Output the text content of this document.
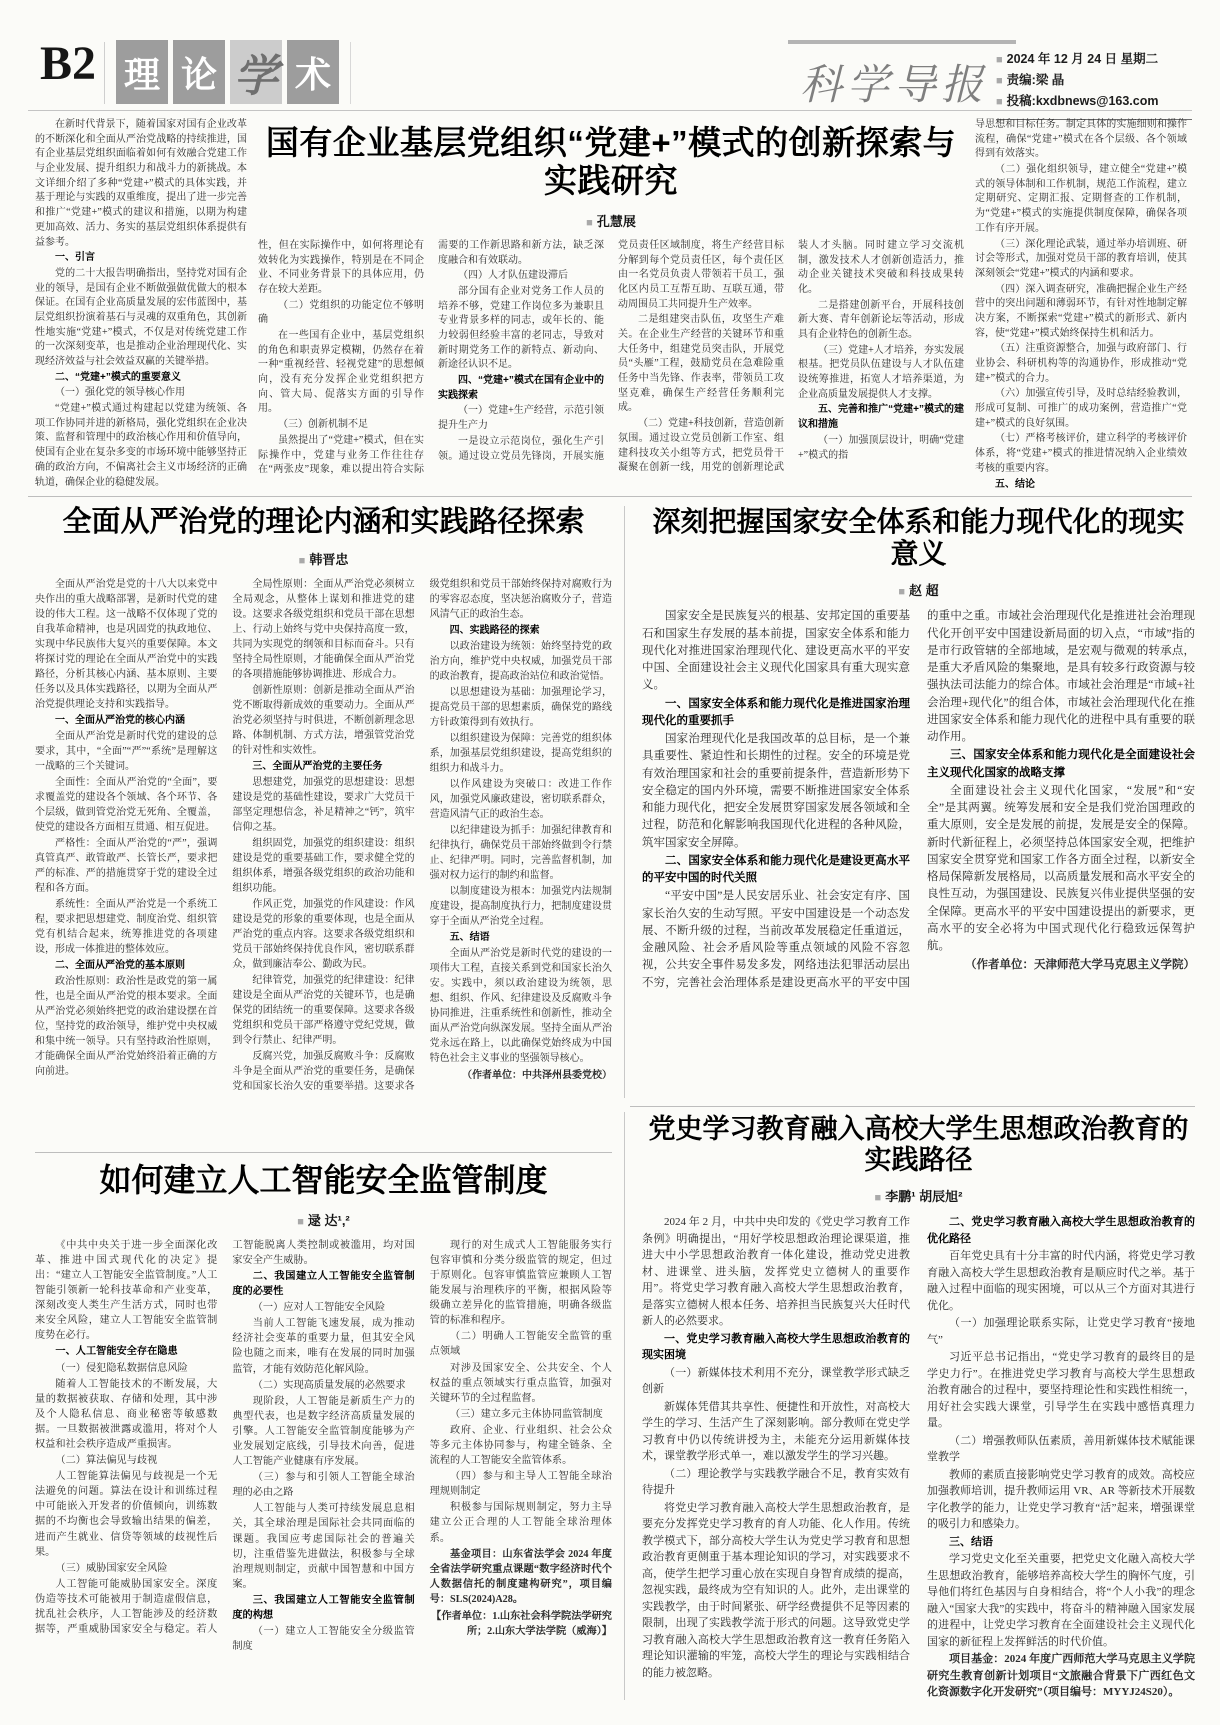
B2 理 论 学 术	科学导报 ■ 2024 年 12 月 24 日 星期二
■ 责编:梁 晶
■ 投稿:kxdbnews@163.com
在新时代背景下，随着国家对国有企业改革的不断深化和全面从严治党战略的持续推进，国有企业基层党组织面临着如何有效融合党建工作与企业发展、提升组织力和战斗力的新挑战。本文详细介绍了多种“党建+”模式的具体实践，并基于理论与实践的双重维度，提出了进一步完善和推广“党建+”模式的建议和措施，以期为构建更加高效、活力、务实的基层党组织体系提供有益参考。
一、引言
党的二十大报告明确指出，坚持党对国有企业的领导，是国有企业不断做强做优做大的根本保证。在国有企业高质量发展的宏伟蓝图中，基层党组织扮演着基石与灵魂的双重角色，其创新性地实施“党建+”模式，不仅是对传统党建工作的一次深刻变革，也是推动企业治理现代化、实现经济效益与社会效益双赢的关键举措。
二、“党建+”模式的重要意义
（一）强化党的领导核心作用
“党建+”模式通过构建起以党建为统领、各项工作协同并进的新格局，强化党组织在企业决策、监督和管理中的政治核心作用和价值导向，使国有企业在复杂多变的市场环境中能够坚持正确的政治方向，不偏离社会主义市场经济的正确轨道，确保企业的稳健发展。
国有企业基层党组织“党建+”模式的创新探索与实践研究
■ 孔慧展
性，但在实际操作中，如何将理论有效转化为实践操作，特别是在不同企业、不同业务背景下的具体应用，仍存在较大差距。
（二）党组织的功能定位不够明确
在一些国有企业中，基层党组织的角色和职责界定模糊，仍然存在着一种“重视经营、轻视党建”的思想倾向，没有充分发挥企业党组织把方向、管大局、促落实方面的引导作用。
（三）创新机制不足
虽然提出了“党建+”模式，但在实际操作中，党建与业务工作往往存在“两张皮”现象，难以提出符合实际需要的工作新思路和新方法，缺乏深度融合和有效联动。
（四）人才队伍建设滞后
部分国有企业对党务工作人员的培养不够，党建工作岗位多为兼职且专业背景多样的同志，或年长的、能力较弱但经验丰富的老同志，导致对新时期党务工作的新特点、新动向、新途径认识不足。
四、“党建+”模式在国有企业中的实践探索
（一）党建+生产经营，示范引领提升生产力
一是设立示范岗位，强化生产引领。通过设立党员先锋岗，开展实施党员责任区域制度，将生产经营目标分解到每个党员责任区，每个责任区由一名党员负责人带领若干员工，强化区内员工互帮互助、互联互通，带动周围员工共同提升生产效率。
二是组建突击队伍，攻坚生产难关。在企业生产经营的关键环节和重大任务中，组建党员突击队，开展党员“头雁”工程，鼓励党员在急难险重任务中当先锋、作表率，带领员工攻坚克难，确保生产经营任务顺利完成。
（二）党建+科技创新，营造创新氛围。通过设立党员创新工作室、组建科技攻关小组等方式，把党员骨干凝聚在创新一线，用党的创新理论武装人才头脑。同时建立学习交流机制，激发技术人才创新创造活力，推动企业关键技术突破和科技成果转化。
二是搭建创新平台，开展科技创新大赛、青年创新论坛等活动，形成具有企业特色的创新生态。
（三）党建+人才培养，夯实发展根基。把党员队伍建设与人才队伍建设统筹推进，拓宽人才培养渠道，为企业高质量发展提供人才支撑。
五、完善和推广“党建+”模式的建议和措施
（一）加强顶层设计，明确“党建+”模式的指
导思想和目标任务。制定具体的实施细则和操作流程，确保“党建+”模式在各个层级、各个领域得到有效落实。
（二）强化组织领导，建立健全“党建+”模式的领导体制和工作机制，规范工作流程，建立定期研究、定期汇报、定期督查的工作机制，为“党建+”模式的实施提供制度保障，确保各项工作有序开展。
（三）深化理论武装，通过举办培训班、研讨会等形式，加强对党员干部的教育培训，使其深刻领会“党建+”模式的内涵和要求。
（四）深入调查研究，准确把握企业生产经营中的突出问题和薄弱环节，有针对性地制定解决方案，不断探索“党建+”模式的新形式、新内容，使“党建+”模式始终保持生机和活力。
（五）注重资源整合，加强与政府部门、行业协会、科研机构等的沟通协作，形成推动“党建+”模式的合力。
（六）加强宣传引导，及时总结经验教训，形成可复制、可推广的成功案例，营造推广“党建+”模式的良好氛围。
（七）严格考核评价，建立科学的考核评价体系，将“党建+”模式的推进情况纳入企业绩效考核的重要内容。
五、结论
全面从严治党的理论内涵和实践路径探索
■ 韩晋忠
全面从严治党是党的十八大以来党中央作出的重大战略部署，是新时代党的建设的伟大工程。这一战略不仅体现了党的自我革命精神，也是巩固党的执政地位、实现中华民族伟大复兴的重要保障。本文将探讨党的理论在全面从严治党中的实践路径，分析其核心内涵、基本原则、主要任务以及具体实践路径，以期为全面从严治党提供理论支持和实践指导。
一、全面从严治党的核心内涵
全面从严治党是新时代党的建设的总要求，其中，“全面”“严”“系统”是理解这一战略的三个关键词。
全面性：全面从严治党的“全面”，要求覆盖党的建设各个领域、各个环节、各个层级，做到管党治党无死角、全覆盖，使党的建设各方面相互贯通、相互促进。
严格性：全面从严治党的“严”，强调真管真严、敢管敢严、长管长严，要求把严的标准、严的措施贯穿于党的建设全过程和各方面。
系统性：全面从严治党是一个系统工程，要求把思想建党、制度治党、组织管党有机结合起来，统筹推进党的各项建设，形成一体推进的整体效应。
二、全面从严治党的基本原则
政治性原则：政治性是政党的第一属性，也是全面从严治党的根本要求。全面从严治党必须始终把党的政治建设摆在首位，坚持党的政治领导，维护党中央权威和集中统一领导。只有坚持政治性原则，才能确保全面从严治党始终沿着正确的方向前进。
全局性原则：全面从严治党必须树立全局观念，从整体上谋划和推进党的建设。这要求各级党组织和党员干部在思想上、行动上始终与党中央保持高度一致，共同为实现党的纲领和目标而奋斗。只有坚持全局性原则，才能确保全面从严治党的各项措施能够协调推进、形成合力。
创新性原则：创新是推动全面从严治党不断取得新成效的重要动力。全面从严治党必须坚持与时俱进，不断创新理念思路、体制机制、方式方法，增强管党治党的针对性和实效性。
三、全面从严治党的主要任务
思想建党，加强党的思想建设：思想建设是党的基础性建设，要求广大党员干部坚定理想信念，补足精神之“钙”，筑牢信仰之基。
组织固党，加强党的组织建设：组织建设是党的重要基础工作，要求健全党的组织体系，增强各级党组织的政治功能和组织功能。
作风正党，加强党的作风建设：作风建设是党的形象的重要体现，也是全面从严治党的重点内容。这要求各级党组织和党员干部始终保持优良作风，密切联系群众，做到廉洁奉公、勤政为民。
纪律管党，加强党的纪律建设：纪律建设是全面从严治党的关键环节，也是确保党的团结统一的重要保障。这要求各级党组织和党员干部严格遵守党纪党规，做到令行禁止、纪律严明。
反腐兴党，加强反腐败斗争：反腐败斗争是全面从严治党的重要任务，是确保党和国家长治久安的重要举措。这要求各级党组织和党员干部始终保持对腐败行为的零容忍态度，坚决惩治腐败分子，营造风清气正的政治生态。
四、实践路径的探索
以政治建设为统领：始终坚持党的政治方向，维护党中央权威，加强党员干部的政治教育，提高政治站位和政治觉悟。
以思想建设为基础：加强理论学习，提高党员干部的思想素质，确保党的路线方针政策得到有效执行。
以组织建设为保障：完善党的组织体系，加强基层党组织建设，提高党组织的组织力和战斗力。
以作风建设为突破口：改进工作作风，加强党风廉政建设，密切联系群众，营造风清气正的政治生态。
以纪律建设为抓手：加强纪律教育和纪律执行，确保党员干部始终做到令行禁止、纪律严明。同时，完善监督机制，加强对权力运行的制约和监督。
以制度建设为根本：加强党内法规制度建设，提高制度执行力，把制度建设贯穿于全面从严治党全过程。
五、结语
全面从严治党是新时代党的建设的一项伟大工程，直接关系到党和国家长治久安。实践中，须以政治建设为统领，思想、组织、作风、纪律建设及反腐败斗争协同推进，注重系统性和创新性，推动全面从严治党向纵深发展。坚持全面从严治党永远在路上，以此确保党始终成为中国特色社会主义事业的坚强领导核心。
（作者单位：中共泽州县委党校）
深刻把握国家安全体系和能力现代化的现实意义
■ 赵 超
国家安全是民族复兴的根基、安邦定国的重要基石和国家生存发展的基本前提，国家安全体系和能力现代化对推进国家治理现代化、建设更高水平的平安中国、全面建设社会主义现代化国家具有重大现实意义。
一、国家安全体系和能力现代化是推进国家治理现代化的重要抓手
国家治理现代化是我国改革的总目标，是一个兼具重要性、紧迫性和长期性的过程。安全的环境是党有效治理国家和社会的重要前提条件，营造新形势下安全稳定的国内外环境，需要不断推进国家安全体系和能力现代化，把安全发展贯穿国家发展各领域和全过程，防范和化解影响我国现代化进程的各种风险，筑牢国家安全屏障。
二、国家安全体系和能力现代化是建设更高水平的平安中国的时代关照
“平安中国”是人民安居乐业、社会安定有序、国家长治久安的生动写照。平安中国建设是一个动态发展、不断升级的过程，当前改革发展稳定任重道远，金融风险、社会矛盾风险等重点领域的风险不容忽视，公共安全事件易发多发，网络违法犯罪活动层出不穷，完善社会治理体系是建设更高水平的平安中国的重中之重。市域社会治理现代化是推进社会治理现代化开创平安中国建设新局面的切入点，“市域”指的是市行政管辖的全部地域，是宏观与微观的转承点，是重大矛盾风险的集聚地，是具有较多行政资源与较强执法司法能力的综合体。市域社会治理是“市域+社会治理+现代化”的组合体，市域社会治理现代化在推进国家安全体系和能力现代化的进程中具有重要的联动作用。
三、国家安全体系和能力现代化是全面建设社会主义现代化国家的战略支撑
全面建设社会主义现代化国家，“发展”和“安全”是其两翼。统筹发展和安全是我们党治国理政的重大原则，安全是发展的前提，发展是安全的保障。新时代新征程上，必须坚持总体国家安全观，把维护国家安全贯穿党和国家工作各方面全过程，以新安全格局保障新发展格局，以高质量发展和高水平安全的良性互动，为强国建设、民族复兴伟业提供坚强的安全保障。更高水平的平安中国建设提出的新要求，更高水平的安全必将为中国式现代化行稳致远保驾护航。
（作者单位：天津师范大学马克思主义学院）
如何建立人工智能安全监管制度
■ 逯 达¹,²
《中共中央关于进一步全面深化改革、推进中国式现代化的决定》提出：“建立人工智能安全监管制度。”人工智能引领新一轮科技革命和产业变革，深刻改变人类生产生活方式，同时也带来安全风险，建立人工智能安全监管制度势在必行。
一、人工智能安全存在隐患
（一）侵犯隐私数据信息风险
随着人工智能技术的不断发展，大量的数据被获取、存储和处理，其中涉及个人隐私信息、商业秘密等敏感数据。一旦数据被泄露或滥用，将对个人权益和社会秩序造成严重损害。
（二）算法偏见与歧视
人工智能算法偏见与歧视是一个无法避免的问题。算法在设计和训练过程中可能嵌入开发者的价值倾向，训练数据的不均衡也会导致输出结果的偏差，进而产生就业、信贷等领域的歧视性后果。
（三）威胁国家安全风险
人工智能可能威胁国家安全。深度伪造等技术可能被用于制造虚假信息，扰乱社会秩序，人工智能涉及的经济数据等，严重威胁国家安全与稳定。若人工智能脱离人类控制或被滥用，均对国家安全产生威胁。
二、我国建立人工智能安全监管制度的必要性
（一）应对人工智能安全风险
当前人工智能飞速发展，成为推动经济社会变革的重要力量，但其安全风险也随之而来，唯有在发展的同时加强监管，才能有效防范化解风险。
（二）实现高质量发展的必然要求
现阶段，人工智能是新质生产力的典型代表，也是数字经济高质量发展的引擎。人工智能安全监管制度能够为产业发展划定底线，引导技术向善，促进人工智能产业健康有序发展。
（三）参与和引领人工智能全球治理的必由之路
人工智能与人类可持续发展息息相关，其全球治理是国际社会共同面临的课题。我国应考虑国际社会的普遍关切，注重借鉴先进做法，积极参与全球治理规则制定，贡献中国智慧和中国方案。
三、我国建立人工智能安全监管制度的构想
（一）建立人工智能安全分级监管制度
现行的对生成式人工智能服务实行包容审慎和分类分级监管的规定，但过于原则化。包容审慎监管应兼顾人工智能发展与治理秩序的平衡，根据风险等级确立差异化的监管措施，明确各级监管的标准和程序。
（二）明确人工智能安全监管的重点领域
对涉及国家安全、公共安全、个人权益的重点领域实行重点监管，加强对关键环节的全过程监督。
（三）建立多元主体协同监管制度
政府、企业、行业组织、社会公众等多元主体协同参与，构建全链条、全流程的人工智能安全监管体系。
（四）参与和主导人工智能全球治理规则制定
积极参与国际规则制定，努力主导建立公正合理的人工智能全球治理体系。
基金项目：山东省法学会 2024 年度全省法学研究重点课题“数字经济时代个人数据信托的制度建构研究”，项目编号：SLS(2024)A28。
【作者单位：1.山东社会科学院法学研究所；2.山东大学法学院（威海）】
党史学习教育融入高校大学生思想政治教育的实践路径
■ 李鹏¹ 胡辰旭²
2024 年 2 月，中共中央印发的《党史学习教育工作条例》明确提出，“用好学校思想政治理论课渠道，推进大中小学思想政治教育一体化建设，推动党史进教材、进课堂、进头脑，发挥党史立德树人的重要作用”。将党史学习教育融入高校大学生思想政治教育，是落实立德树人根本任务、培养担当民族复兴大任时代新人的必然要求。
一、党史学习教育融入高校大学生思想政治教育的现实困境
（一）新媒体技术利用不充分，课堂教学形式缺乏创新
新媒体凭借其共享性、便捷性和开放性，对高校大学生的学习、生活产生了深刻影响。部分教师在党史学习教育中仍以传统讲授为主，未能充分运用新媒体技术，课堂教学形式单一，难以激发学生的学习兴趣。
（二）理论教学与实践教学融合不足，教育实效有待提升
将党史学习教育融入高校大学生思想政治教育，是要充分发挥党史学习教育的育人功能、化人作用。传统教学模式下，部分高校大学生认为党史学习教育和思想政治教育更侧重于基本理论知识的学习，对实践要求不高，使学生把学习重心放在实现自身智育成绩的提高，忽视实践，最终成为空有知识的人。此外，走出课堂的实践教学，由于时间紧张、研学经费提供不足等因素的限制，出现了实践教学流于形式的问题。这导致党史学习教育融入高校大学生思想政治教育这一教育任务陷入理论知识灌输的牢笼，高校大学生的理论与实践相结合的能力被忽略。
二、党史学习教育融入高校大学生思想政治教育的优化路径
百年党史具有十分丰富的时代内涵，将党史学习教育融入高校大学生思想政治教育是顺应时代之举。基于融入过程中面临的现实困境，可以从三个方面对其进行优化。
（一）加强理论联系实际，让党史学习教育“接地气”
习近平总书记指出，“党史学习教育的最终目的是学史力行”。在推进党史学习教育与高校大学生思想政治教育融合的过程中，要坚持理论性和实践性相统一，用好社会实践大课堂，引导学生在实践中感悟真理力量。
（二）增强教师队伍素质，善用新媒体技术赋能课堂教学
教师的素质直接影响党史学习教育的成效。高校应加强教师培训，提升教师运用 VR、AR 等新技术开展数字化教学的能力，让党史学习教育“活”起来，增强课堂的吸引力和感染力。
三、结语
学习党史文化至关重要，把党史文化融入高校大学生思想政治教育，能够培养高校大学生的胸怀气度，引导他们将红色基因与自身相结合，将“个人小我”的理念融入“国家大我”的实践中，将奋斗的精神融入国家发展的进程中，让党史学习教育在全面建设社会主义现代化国家的新征程上发挥鲜活的时代价值。
项目基金：2024 年度广西师范大学马克思主义学院研究生教育创新计划项目“文旅融合背景下广西红色文化资源数字化开发研究”（项目编号：MYYJ24S20）。
